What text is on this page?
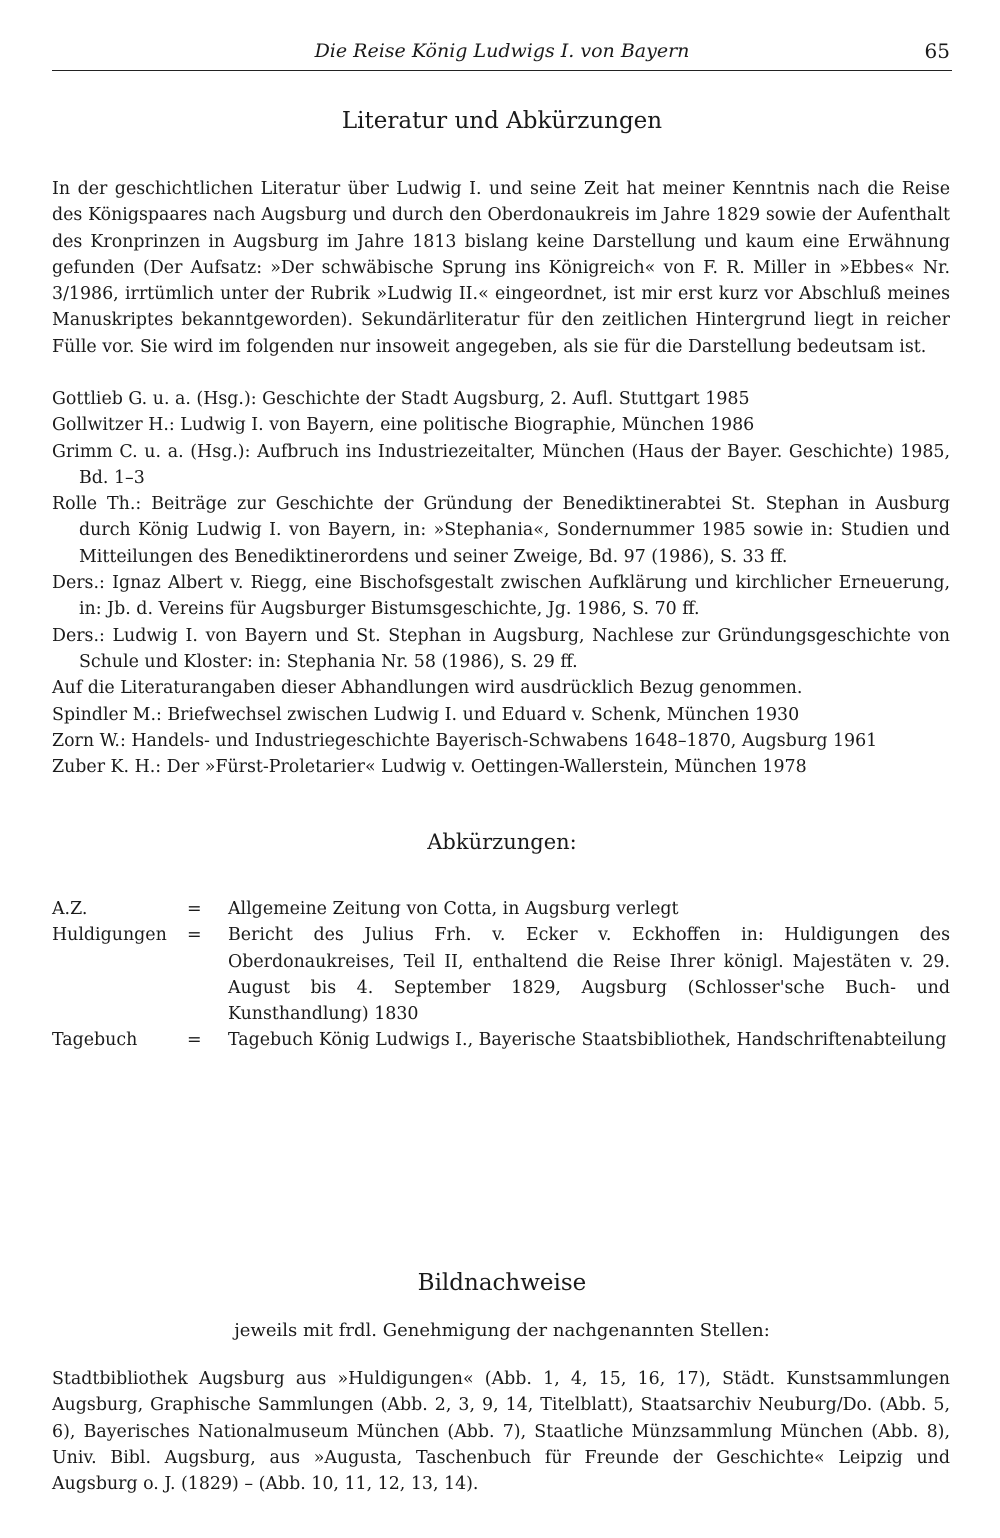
Die Reise König Ludwigs I. von Bayern	65
Literatur und Abkürzungen

In der geschichtlichen Literatur über Ludwig I. und seine Zeit hat meiner Kenntnis nach die Reise des Königspaares nach Augsburg und durch den Oberdonaukreis im Jahre 1829 sowie der Aufenthalt des Kronprinzen in Augsburg im Jahre 1813 bislang keine Darstellung und kaum eine Erwähnung gefunden (Der Aufsatz: »Der schwäbische Sprung ins Königreich« von F. R. Miller in »Ebbes« Nr. 3/1986, irrtümlich unter der Rubrik »Ludwig II.« eingeordnet, ist mir erst kurz vor Abschluß meines Manuskriptes bekanntgeworden). Sekundärliteratur für den zeitlichen Hintergrund liegt in reicher Fülle vor. Sie wird im folgenden nur insoweit angegeben, als sie für die Darstellung bedeutsam ist.

Gottlieb G. u. a. (Hsg.): Geschichte der Stadt Augsburg, 2. Aufl. Stuttgart 1985
Gollwitzer H.: Ludwig I. von Bayern, eine politische Biographie, München 1986
Grimm C. u. a. (Hsg.): Aufbruch ins Industriezeitalter, München (Haus der Bayer. Geschichte) 1985, Bd. 1–3
Rolle Th.: Beiträge zur Geschichte der Gründung der Benediktinerabtei St. Stephan in Ausburg durch König Ludwig I. von Bayern, in: »Stephania«, Sondernummer 1985 sowie in: Studien und Mitteilungen des Benediktinerordens und seiner Zweige, Bd. 97 (1986), S. 33 ff.
Ders.: Ignaz Albert v. Riegg, eine Bischofsgestalt zwischen Aufklärung und kirchlicher Erneuerung, in: Jb. d. Vereins für Augsburger Bistumsgeschichte, Jg. 1986, S. 70 ff.
Ders.: Ludwig I. von Bayern und St. Stephan in Augsburg, Nachlese zur Gründungsgeschichte von Schule und Kloster: in: Stephania Nr. 58 (1986), S. 29 ff.
Auf die Literaturangaben dieser Abhandlungen wird ausdrücklich Bezug genommen.
Spindler M.: Briefwechsel zwischen Ludwig I. und Eduard v. Schenk, München 1930
Zorn W.: Handels- und Industriegeschichte Bayerisch-Schwabens 1648–1870, Augsburg 1961
Zuber K. H.: Der »Fürst-Proletarier« Ludwig v. Oettingen-Wallerstein, München 1978
Abkürzungen:
A.Z.	=	Allgemeine Zeitung von Cotta, in Augsburg verlegt
Huldigungen	=	Bericht des Julius Frh. v. Ecker v. Eckhoffen in: Huldigungen des Oberdonaukreises, Teil II, enthaltend die Reise Ihrer königl. Majestäten v. 29. August bis 4. September 1829, Augsburg (Schlosser'sche Buch- und Kunsthandlung) 1830
Tagebuch	=	Tagebuch König Ludwigs I., Bayerische Staatsbibliothek, Handschriftenabteilung
Bildnachweise
jeweils mit frdl. Genehmigung der nachgenannten Stellen:

Stadtbibliothek Augsburg aus »Huldigungen« (Abb. 1, 4, 15, 16, 17), Städt. Kunstsammlungen Augsburg, Graphische Sammlungen (Abb. 2, 3, 9, 14, Titelblatt), Staatsarchiv Neuburg/Do. (Abb. 5, 6), Bayerisches Nationalmuseum München (Abb. 7), Staatliche Münzsammlung München (Abb. 8), Univ. Bibl. Augsburg, aus »Augusta, Taschenbuch für Freunde der Geschichte« Leipzig und Augsburg o. J. (1829) – (Abb. 10, 11, 12, 13, 14).
